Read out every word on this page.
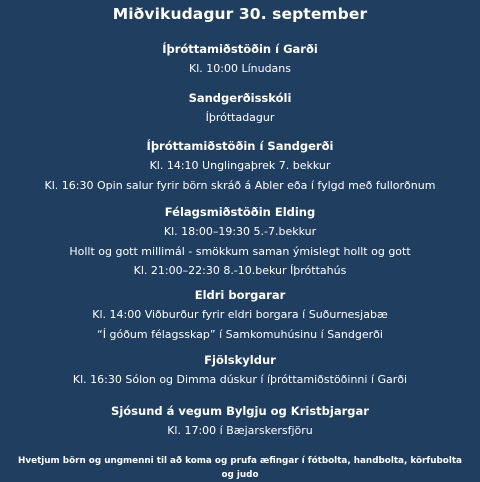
Miðvikudagur 30. september
Íþróttamiðstöðin í Garði
Kl. 10:00 Línudans
Sandgerðisskóli
Íþróttadagur
Íþróttamiðstöðin í Sandgerði
Kl. 14:10 Unglingaþrek 7. bekkur
Kl. 16:30 Opin salur fyrir börn skráð á Abler eða í fylgd með fullorðnum
Félagsmiðstöðin Elding
Kl. 18:00–19:30 5.-7.bekkur
Hollt og gott millimál - smökkum saman ýmislegt hollt og gott
Kl. 21:00–22:30 8.-10.bekur Íþróttahús
Eldri borgarar
Kl. 14:00 Viðburður fyrir eldri borgara í Suðurnesjabæ
“Í góðum félagsskap” í Samkomuhúsinu í Sandgerði
Fjölskyldur
Kl. 16:30 Sólon og Dimma dúskur í íþróttamiðstöðinni í Garði
Sjósund á vegum Bylgju og Kristbjargar
Kl. 17:00 í Bæjarskersfjöru
Hvetjum börn og ungmenni til að koma og prufa æfingar í fótbolta, handbolta, körfubolta
og judo
